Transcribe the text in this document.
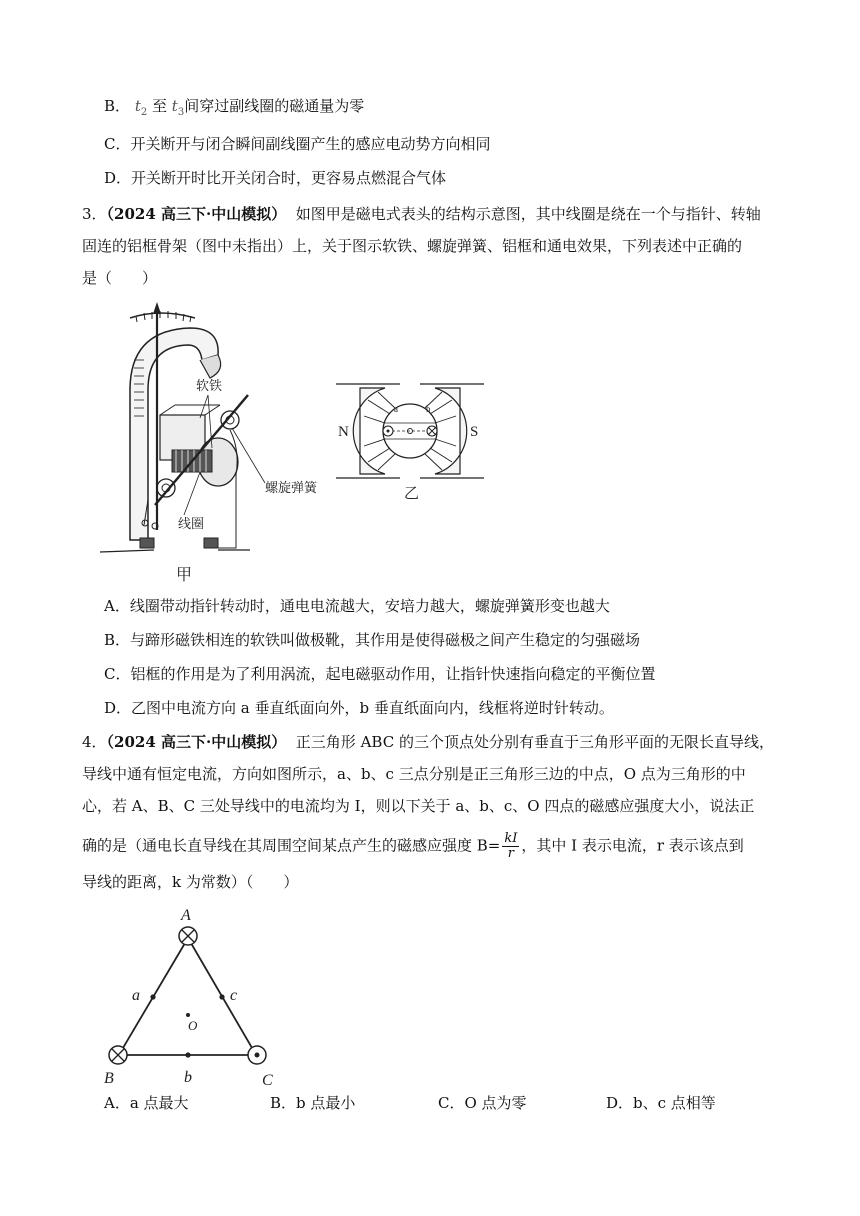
B． $t_2$ 至 $t_3$间穿过副线圈的磁通量为零
C．开关断开与闭合瞬间副线圈产生的感应电动势方向相同
D．开关断开时比开关闭合时，更容易点燃混合气体
3．（2024 高三下·中山模拟） 如图甲是磁电式表头的结构示意图，其中线圈是绕在一个与指针、转轴
固连的铝框骨架（图中未指出）上，关于图示软铁、螺旋弹簧、铝框和通电效果，下列表述中正确的
是（　　）
软铁
螺旋弹簧
线圈
甲
N	S
a	b
乙
A．线圈带动指针转动时，通电电流越大，安培力越大，螺旋弹簧形变也越大
B．与蹄形磁铁相连的软铁叫做极靴，其作用是使得磁极之间产生稳定的匀强磁场
C．铝框的作用是为了利用涡流，起电磁驱动作用，让指针快速指向稳定的平衡位置
D．乙图中电流方向 a 垂直纸面向外，b 垂直纸面向内，线框将逆时针转动。
4．（2024 高三下·中山模拟） 正三角形 ABC 的三个顶点处分别有垂直于三角形平面的无限长直导线，
导线中通有恒定电流，方向如图所示，a、b、c 三点分别是正三角形三边的中点，O 点为三角形的中
心，若 A、B、C 三处导线中的电流均为 I，则以下关于 a、b、c、O 四点的磁感应强度大小，说法正
确的是（通电长直导线在其周围空间某点产生的磁感应强度 $B= \frac{kI}{r}$ ，其中 I 表示电流，r 表示该点到
导线的距离，k 为常数）（　　）
A
B	C
a	c
b
O
A．a 点最大	B．b 点最小	C．O 点为零	D．b、c 点相等
